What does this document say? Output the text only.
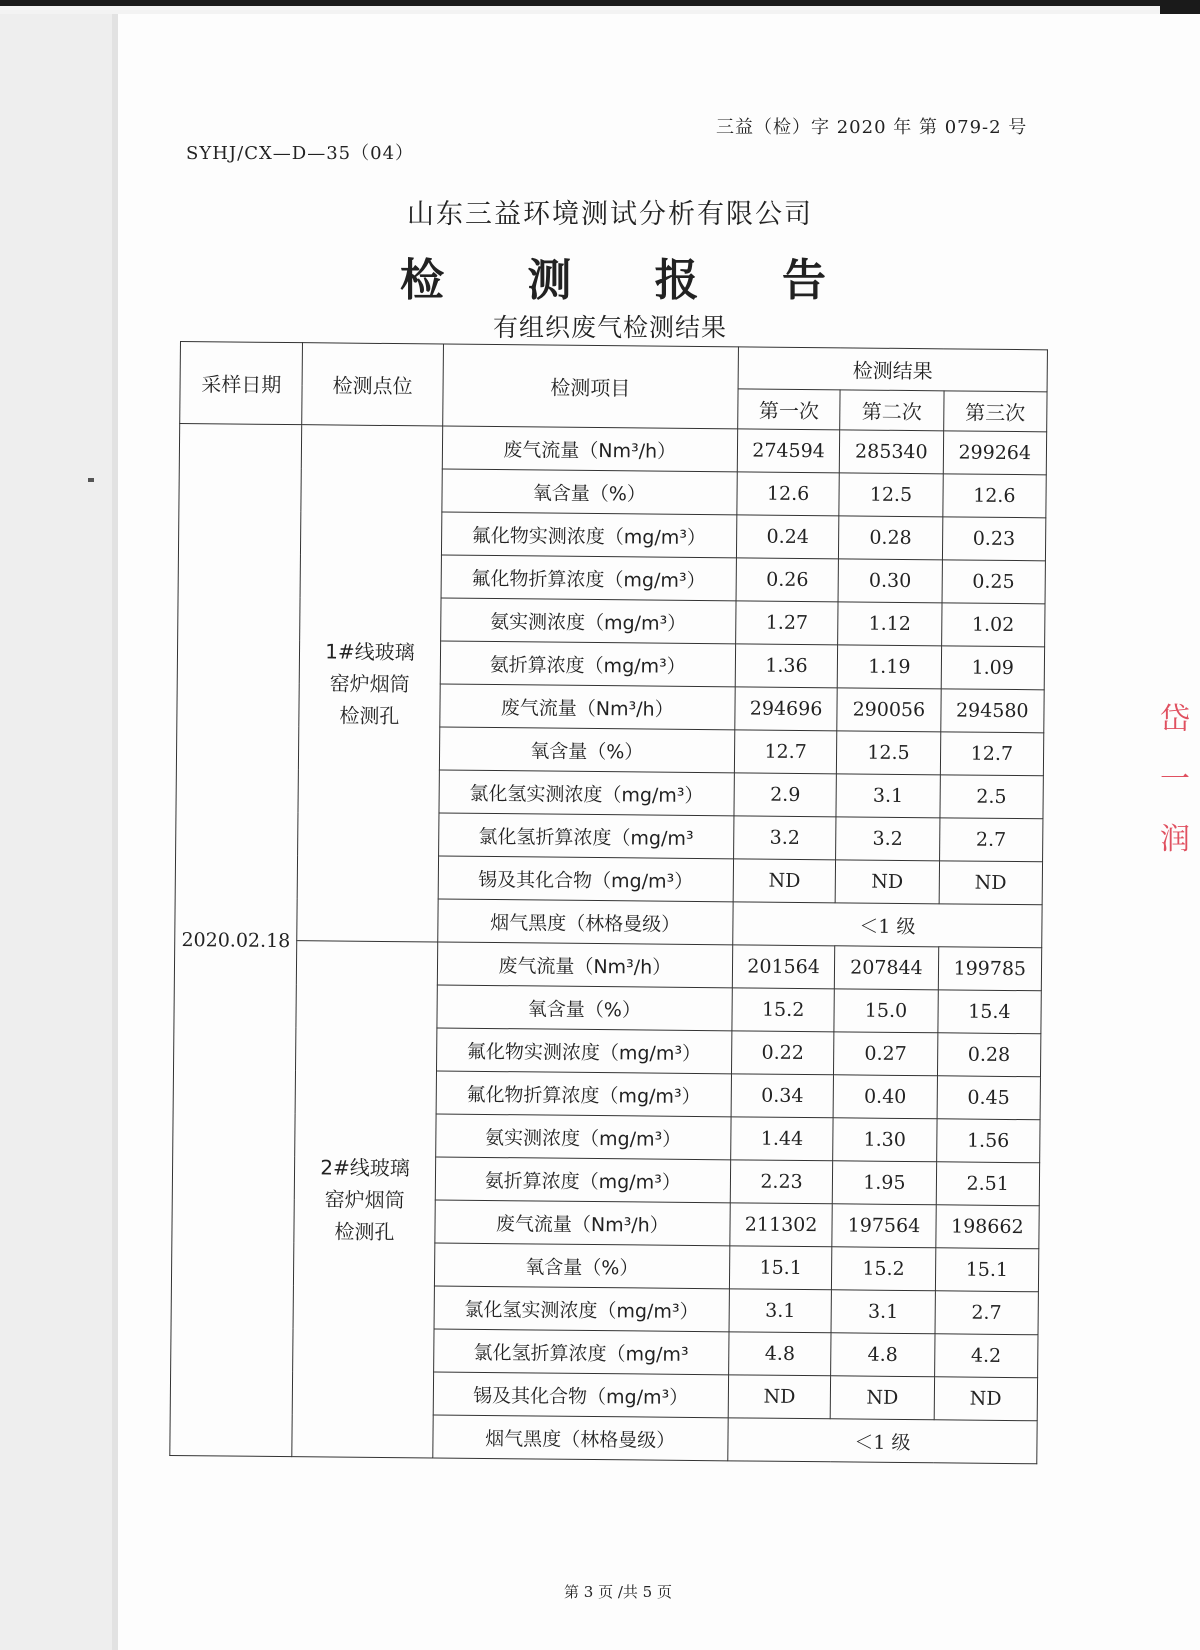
岱
一
润
三益（检）字 2020 年 第 079-2 号
SYHJ/CX—D—35（04）
山东三益环境测试分析有限公司
检 测 报 告
有组织废气检测结果
采样日期	检测点位	检测项目	检测结果		
			第一次	第二次	第三次
2020.02.18	1#线玻璃窑炉烟筒检测孔	废气流量（Nm³/h）	274594	285340	299264
		氧含量（%）	12.6	12.5	12.6
		氟化物实测浓度（mg/m³）	0.24	0.28	0.23
		氟化物折算浓度（mg/m³）	0.26	0.30	0.25
		氨实测浓度（mg/m³）	1.27	1.12	1.02
		氨折算浓度（mg/m³）	1.36	1.19	1.09
		废气流量（Nm³/h）	294696	290056	294580
		氧含量（%）	12.7	12.5	12.7
		氯化氢实测浓度（mg/m³）	2.9	3.1	2.5
		氯化氢折算浓度（mg/m³	3.2	3.2	2.7
		锡及其化合物（mg/m³）	ND	ND	ND
		烟气黑度（林格曼级）	＜1 级		

	2#线玻璃窑炉烟筒检测孔	废气流量（Nm³/h）	201564	207844	199785
		氧含量（%）	15.2	15.0	15.4
		氟化物实测浓度（mg/m³）	0.22	0.27	0.28
		氟化物折算浓度（mg/m³）	0.34	0.40	0.45
		氨实测浓度（mg/m³）	1.44	1.30	1.56
		氨折算浓度（mg/m³）	2.23	1.95	2.51
		废气流量（Nm³/h）	211302	197564	198662
		氧含量（%）	15.1	15.2	15.1
		氯化氢实测浓度（mg/m³）	3.1	3.1	2.7
		氯化氢折算浓度（mg/m³	4.8	4.8	4.2
		锡及其化合物（mg/m³）	ND	ND	ND
		烟气黑度（林格曼级）	＜1 级		
第 3 页 /共 5 页
